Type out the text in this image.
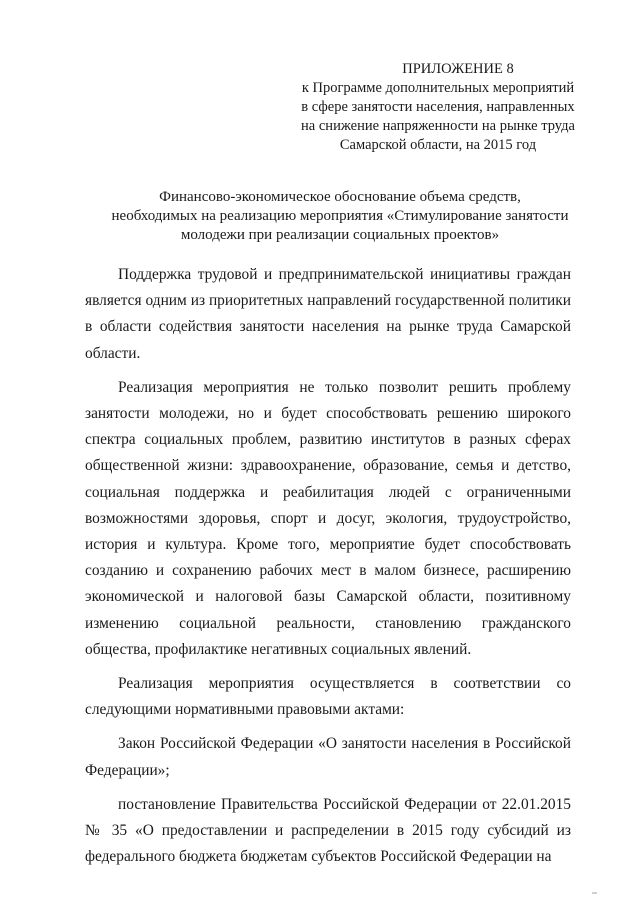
ПРИЛОЖЕНИЕ 8
к Программе дополнительных мероприятий
в сфере занятости населения, направленных
на снижение напряженности на рынке труда
Самарской области, на 2015 год
Финансово-экономическое обоснование объема средств,
необходимых на реализацию мероприятия «Стимулирование занятости
молодежи при реализации социальных проектов»

Поддержка трудовой и предпринимательской инициативы граждан является одним из приоритетных направлений государственной политики в области содействия занятости населения на рынке труда Самарской области.

Реализация мероприятия не только позволит решить проблему занятости молодежи, но и будет способствовать решению широкого спектра социальных проблем, развитию институтов в разных сферах общественной жизни: здравоохранение, образование, семья и детство, социальная поддержка и реабилитация людей с ограниченными возможностями здоровья, спорт и досуг, экология, трудоустройство, история и культура. Кроме того, мероприятие будет способствовать созданию и сохранению рабочих мест в малом бизнесе, расширению экономической и налоговой базы Самарской области, позитивному изменению социальной реальности, становлению гражданского общества, профилактике негативных социальных явлений.

Реализация мероприятия осуществляется в соответствии со следующими нормативными правовыми актами:

Закон Российской Федерации «О занятости населения в Российской Федерации»;

постановление Правительства Российской Федерации от 22.01.2015 № 35 «О предоставлении и распределении в 2015 году субсидий из федерального бюджета бюджетам субъектов Российской Федерации на
